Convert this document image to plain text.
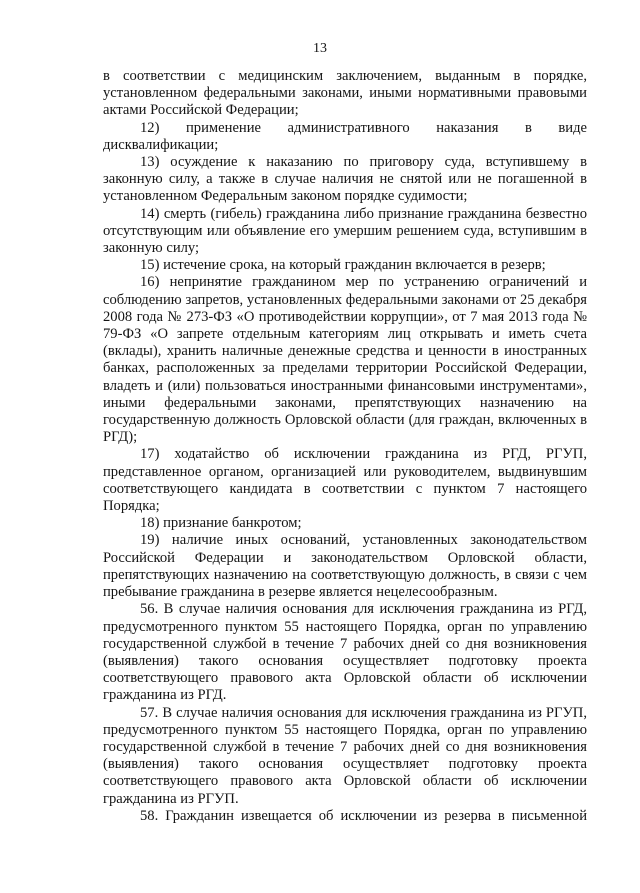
13

в соответствии с медицинским заключением, выданным в порядке, установленном федеральными законами, иными нормативными правовыми актами Российской Федерации;

12) применение административного наказания в виде дисквалификации;

13) осуждение к наказанию по приговору суда, вступившему в законную силу, а также в случае наличия не снятой или не погашенной в установленном Федеральным законом порядке судимости;

14) смерть (гибель) гражданина либо признание гражданина безвестно отсутствующим или объявление его умершим решением суда, вступившим в законную силу;

15) истечение срока, на который гражданин включается в резерв;

16) непринятие гражданином мер по устранению ограничений и соблюдению запретов, установленных федеральными законами от 25 декабря 2008 года № 273-ФЗ «О противодействии коррупции», от 7 мая 2013 года № 79-ФЗ «О запрете отдельным категориям лиц открывать и иметь счета (вклады), хранить наличные денежные средства и ценности в иностранных банках, расположенных за пределами территории Российской Федерации, владеть и (или) пользоваться иностранными финансовыми инструментами», иными федеральными законами, препятствующих назначению на государственную должность Орловской области (для граждан, включенных в РГД);

17) ходатайство об исключении гражданина из РГД, РГУП, представленное органом, организацией или руководителем, выдвинувшим соответствующего кандидата в соответствии с пунктом 7 настоящего Порядка;

18) признание банкротом;

19) наличие иных оснований, установленных законодательством Российской Федерации и законодательством Орловской области, препятствующих назначению на соответствующую должность, в связи с чем пребывание гражданина в резерве является нецелесообразным.

56. В случае наличия основания для исключения гражданина из РГД, предусмотренного пунктом 55 настоящего Порядка, орган по управлению государственной службой в течение 7 рабочих дней со дня возникновения (выявления) такого основания осуществляет подготовку проекта соответствующего правового акта Орловской области об исключении гражданина из РГД.

57. В случае наличия основания для исключения гражданина из РГУП, предусмотренного пунктом 55 настоящего Порядка, орган по управлению государственной службой в течение 7 рабочих дней со дня возникновения (выявления) такого основания осуществляет подготовку проекта соответствующего правового акта Орловской области об исключении гражданина из РГУП.

58. Гражданин извещается об исключении из резерва в письменной
